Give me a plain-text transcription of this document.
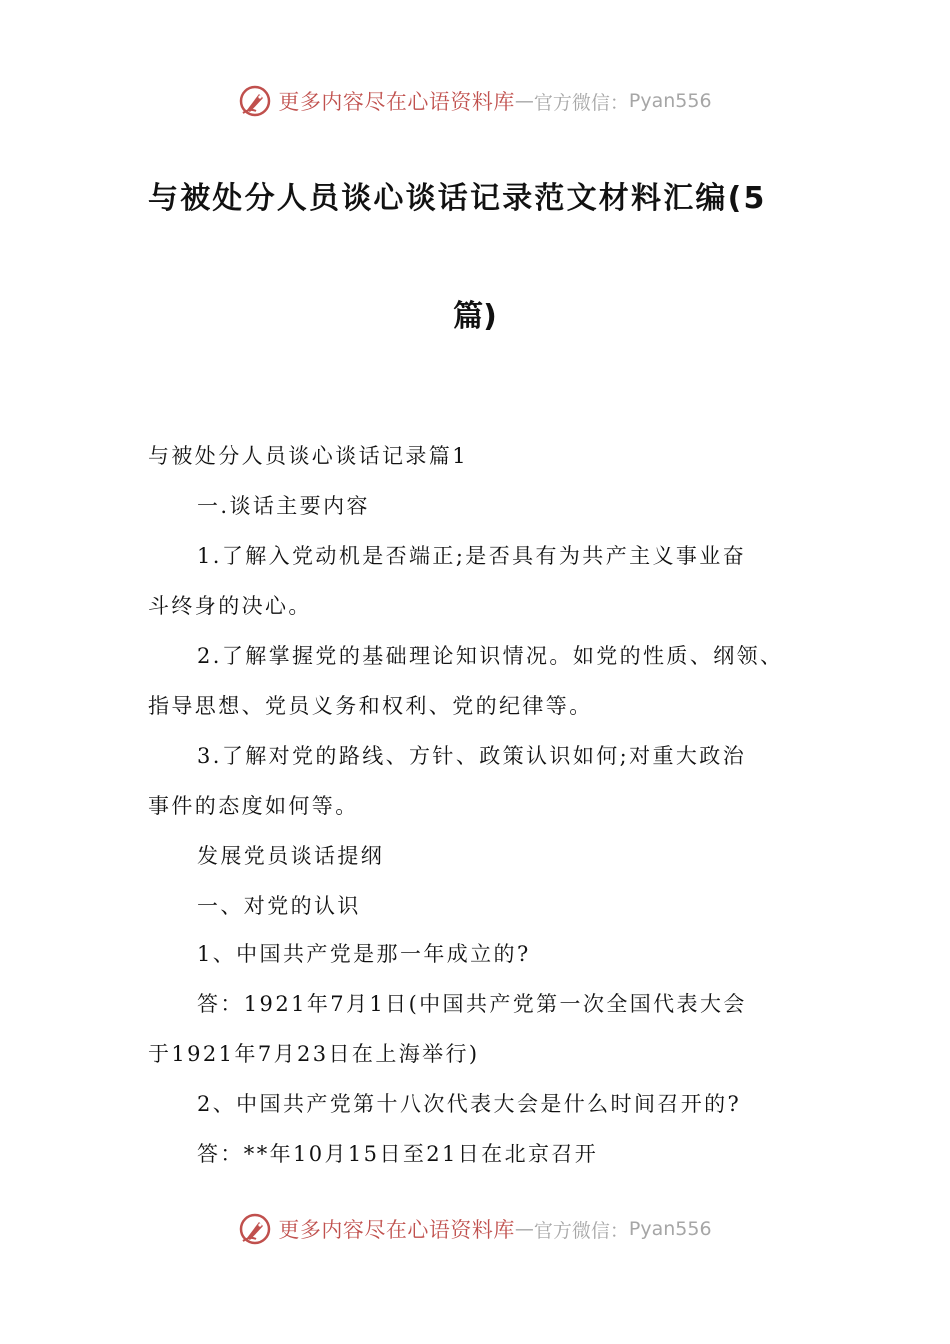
更多内容尽在心语资料库 — 官方微信： Pyan556
与被处分人员谈心谈话记录范文材料汇编(5
篇)

与被处分人员谈心谈话记录篇1

一.谈话主要内容

1.了解入党动机是否端正;是否具有为共产主义事业奋

斗终身的决心。

2.了解掌握党的基础理论知识情况。如党的性质、纲领、

指导思想、党员义务和权利、党的纪律等。

3.了解对党的路线、方针、政策认识如何;对重大政治

事件的态度如何等。

发展党员谈话提纲

一、对党的认识

1、中国共产党是那一年成立的?

答：1921年7月1日(中国共产党第一次全国代表大会

于1921年7月23日在上海举行)

2、中国共产党第十八次代表大会是什么时间召开的?

答：**年10月15日至21日在北京召开

更多内容尽在心语资料库 — 官方微信： Pyan556
